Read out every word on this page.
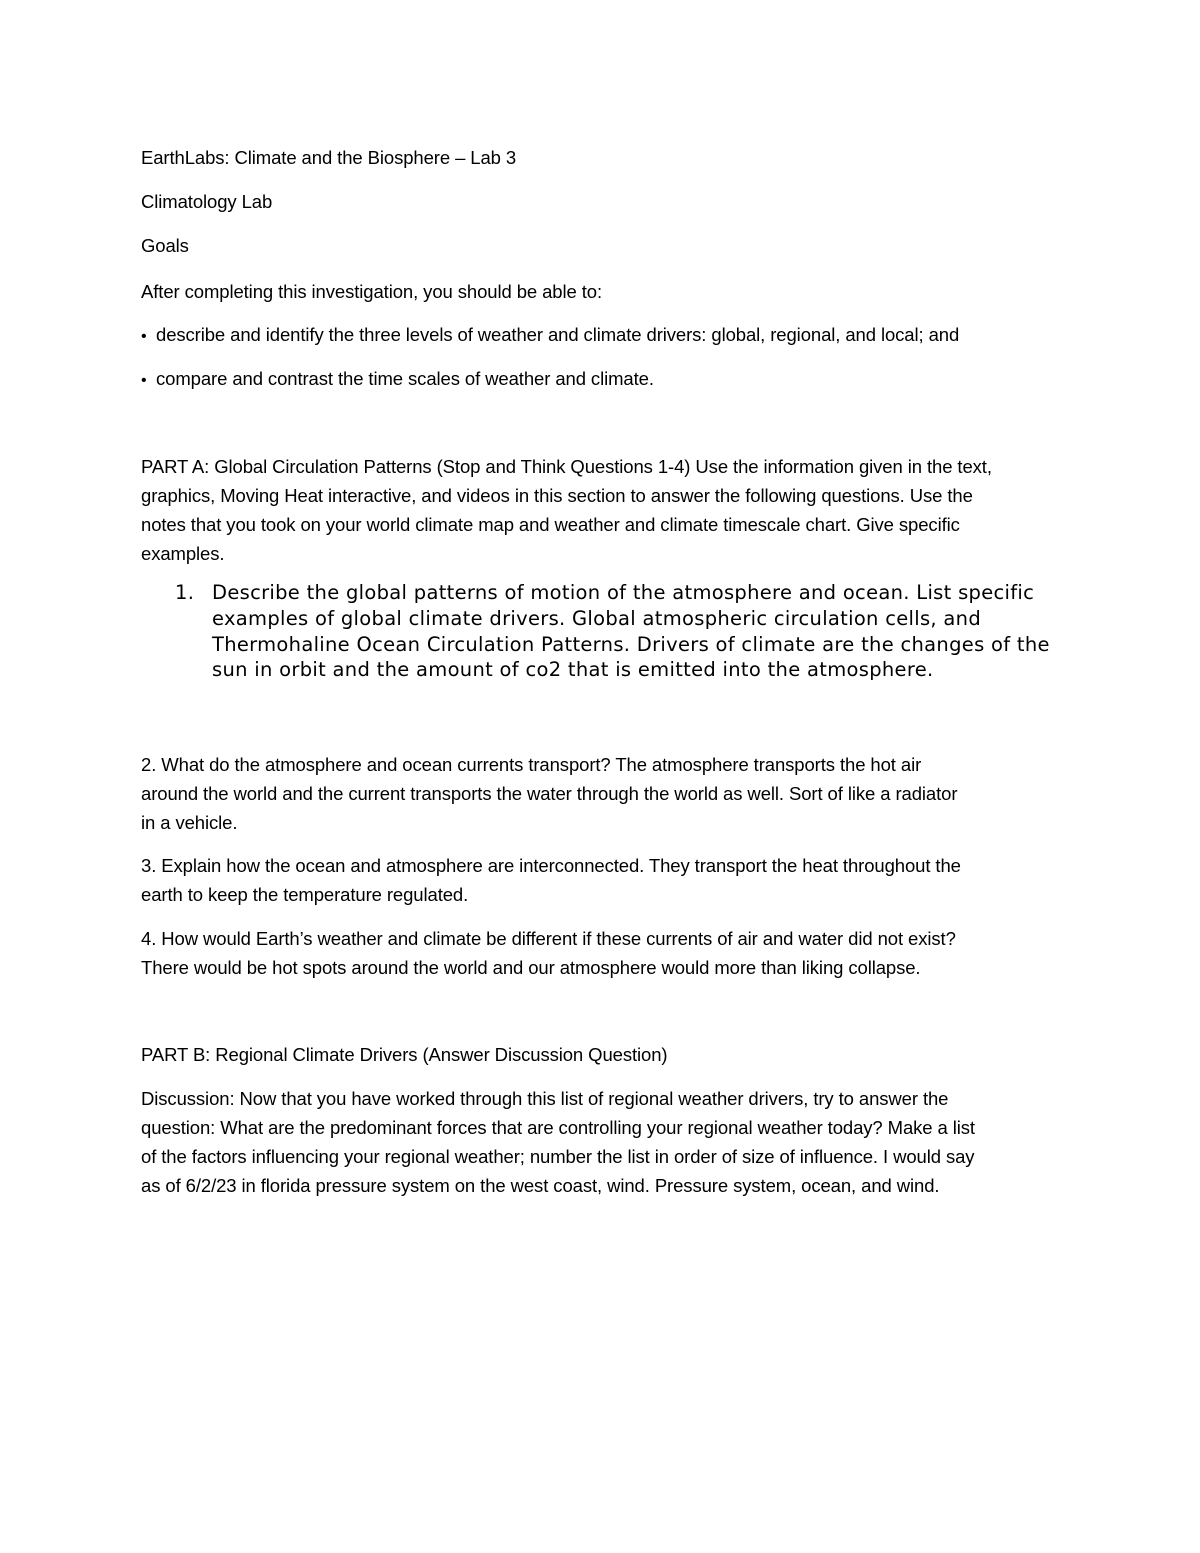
EarthLabs: Climate and the Biosphere – Lab 3

Climatology Lab

Goals

After completing this investigation, you should be able to:

• describe and identify the three levels of weather and climate drivers: global, regional, and local; and

• compare and contrast the time scales of weather and climate.

PART A: Global Circulation Patterns (Stop and Think Questions 1-4) Use the information given in the text,

graphics, Moving Heat interactive, and videos in this section to answer the following questions. Use the

notes that you took on your world climate map and weather and climate timescale chart. Give specific

examples.

1. Describe the global patterns of motion of the atmosphere and ocean. List specific examples of global climate drivers. Global atmospheric circulation cells, and Thermohaline Ocean Circulation Patterns. Drivers of climate are the changes of the sun in orbit and the amount of co2 that is emitted into the atmosphere.

2. What do the atmosphere and ocean currents transport? The atmosphere transports the hot air

around the world and the current transports the water through the world as well. Sort of like a radiator

in a vehicle.

3. Explain how the ocean and atmosphere are interconnected. They transport the heat throughout the

earth to keep the temperature regulated.

4. How would Earth’s weather and climate be different if these currents of air and water did not exist?

There would be hot spots around the world and our atmosphere would more than liking collapse.

PART B: Regional Climate Drivers (Answer Discussion Question)

Discussion: Now that you have worked through this list of regional weather drivers, try to answer the

question: What are the predominant forces that are controlling your regional weather today? Make a list

of the factors influencing your regional weather; number the list in order of size of influence. I would say

as of 6/2/23 in florida pressure system on the west coast, wind. Pressure system, ocean, and wind.
